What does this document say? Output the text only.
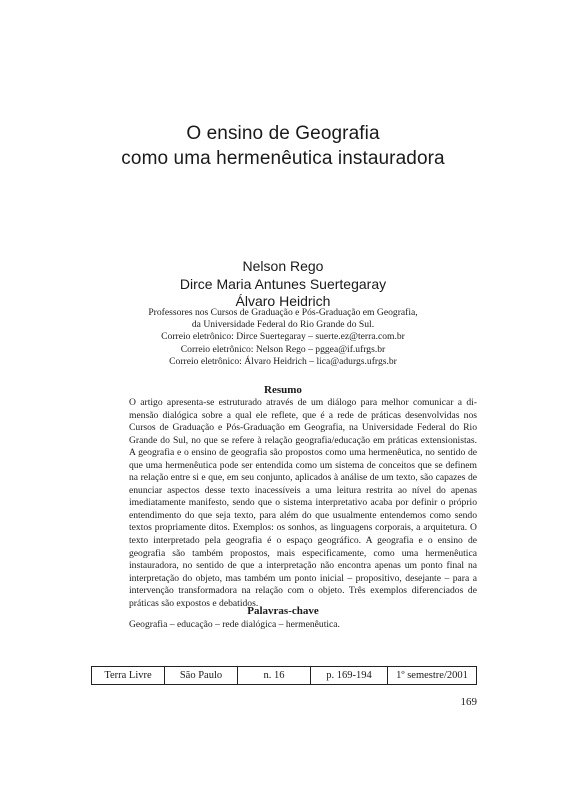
O ensino de Geografia
como uma hermenêutica instauradora
Nelson Rego
Dirce Maria Antunes Suertegaray
Álvaro Heidrich
Professores nos Cursos de Graduação e Pós-Graduação em Geografia,
da Universidade Federal do Rio Grande do Sul.
Correio eletrônico: Dirce Suertegaray – suerte.ez@terra.com.br
Correio eletrônico: Nelson Rego – pggea@if.ufrgs.br
Correio eletrônico: Álvaro Heidrich – lica@adurgs.ufrgs.br
Resumo
O artigo apresenta-se estruturado através de um diálogo para melhor comunicar a dimensão dialógica sobre a qual ele reflete, que é a rede de práticas desenvolvidas nos Cursos de Graduação e Pós-Graduação em Geografia, na Universidade Federal do Rio Grande do Sul, no que se refere à relação geografia/educação em práticas extensionistas. A geografia e o ensino de geografia são propostos como uma hermenêutica, no sentido de que uma hermenêutica pode ser entendida como um sistema de conceitos que se definem na relação entre si e que, em seu conjunto, aplicados à análise de um texto, são capazes de enunciar aspectos desse texto inacessíveis a uma leitura restrita ao nível do apenas imediatamente manifesto, sendo que o sistema interpretativo acaba por definir o próprio entendimento do que seja texto, para além do que usualmente entendemos como sendo textos propriamente ditos. Exemplos: os sonhos, as linguagens corporais, a arquitetura. O texto interpretado pela geografia é o espaço geográfico. A geografia e o ensino de geografia são também propostos, mais especificamente, como uma hermenêutica instauradora, no sentido de que a interpretação não encontra apenas um ponto final na interpretação do objeto, mas também um ponto inicial – propositivo, desejante – para a intervenção transformadora na relação com o objeto. Três exemplos diferenciados de práticas são expostos e debatidos.
Palavras-chave
Geografia – educação – rede dialógica – hermenêutica.
Terra Livre	São Paulo	n. 16	p. 169-194	1º semestre/2001
169
